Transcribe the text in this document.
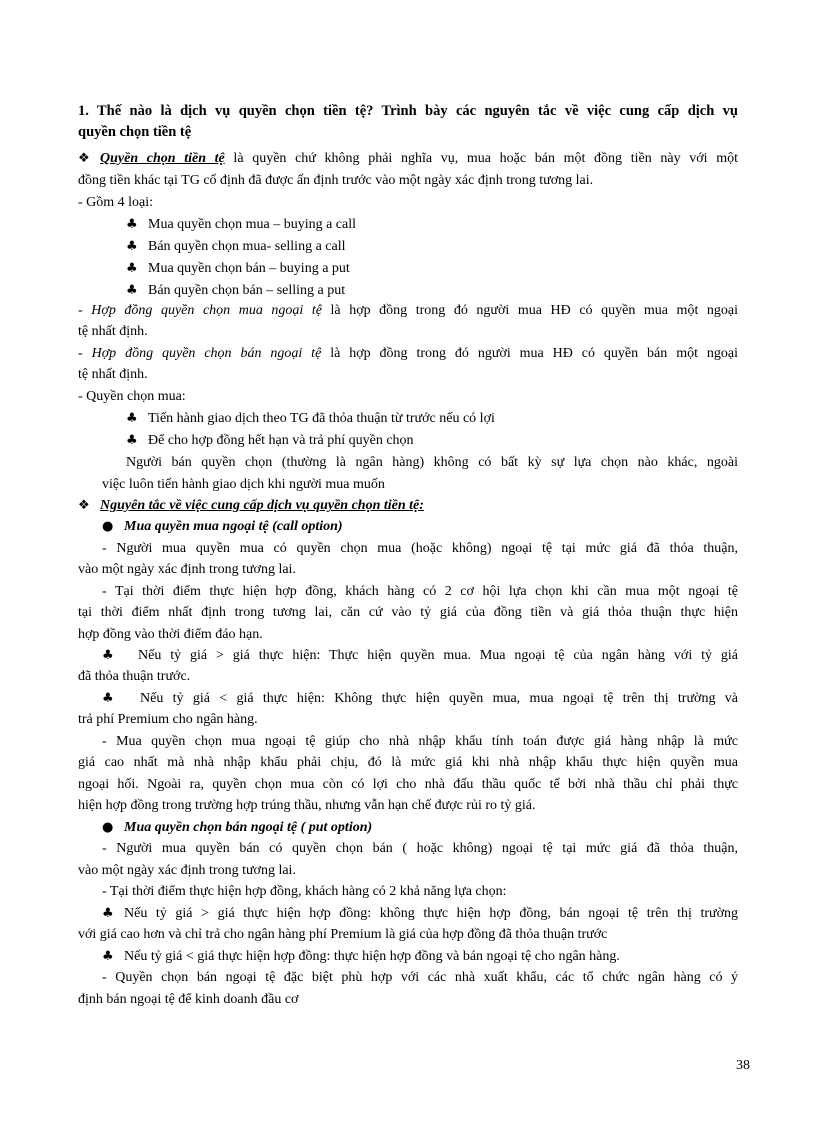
1. Thế nào là dịch vụ quyền chọn tiền tệ? Trình bày các nguyên tắc về việc cung cấp dịch vụ
quyền chọn tiền tệ
❖ Quyền chọn tiền tệ là quyền chứ không phải nghĩa vụ, mua hoặc bán một đồng tiền này với một
đồng tiền khác tại TG cố định đã được ấn định trước vào một ngày xác định trong tương lai.
- Gồm 4 loại:
♣ Mua quyền chọn mua – buying a call
♣ Bán quyền chọn mua- selling a call
♣ Mua quyền chọn bán – buying a put
♣ Bán quyền chọn bán – selling a put
- Hợp đồng quyền chọn mua ngoại tệ là hợp đồng trong đó người mua HĐ có quyền mua một ngoại
tệ nhất định.
- Hợp đồng quyền chọn bán ngoại tệ là hợp đồng trong đó người mua HĐ có quyền bán một ngoại
tệ nhất định.
- Quyền chọn mua:
♣ Tiến hành giao dịch theo TG đã thỏa thuận từ trước nếu có lợi
♣ Để cho hợp đồng hết hạn và trả phí quyền chọn
Người bán quyền chọn (thường là ngân hàng) không có bất kỳ sự lựa chọn nào khác, ngoài
việc luôn tiến hành giao dịch khi người mua muốn
❖ Nguyên tắc về việc cung cấp dịch vụ quyền chọn tiền tệ:
● Mua quyền mua ngoại tệ (call option)
- Người mua quyền mua có quyền chọn mua (hoặc không) ngoại tệ tại mức giá đã thỏa thuận,
vào một ngày xác định trong tương lai.
- Tại thời điểm thực hiện hợp đồng, khách hàng có 2 cơ hội lựa chọn khi cần mua một ngoại tệ
tại thời điểm nhất định trong tương lai, căn cứ vào tỷ giá của đồng tiền và giá thỏa thuận thực hiện
hợp đồng vào thời điểm đáo hạn.
♣ Nếu tỷ giá > giá thực hiện: Thực hiện quyền mua. Mua ngoại tệ của ngân hàng với tỷ giá
đã thỏa thuận trước.
♣ Nếu tỷ giá < giá thực hiện: Không thực hiện quyền mua, mua ngoại tệ trên thị trường và
trả phí Premium cho ngân hàng.
- Mua quyền chọn mua ngoại tệ giúp cho nhà nhập khẩu tính toán được giá hàng nhập là mức
giá cao nhất mà nhà nhập khẩu phải chịu, đó là mức giá khi nhà nhập khẩu thực hiện quyền mua
ngoại hối. Ngoài ra, quyền chọn mua còn có lợi cho nhà đấu thầu quốc tế bởi nhà thầu chỉ phải thực
hiện hợp đồng trong trường hợp trúng thầu, nhưng vẫn hạn chế được rủi ro tỷ giá.
● Mua quyền chọn bán ngoại tệ ( put option)
- Người mua quyền bán có quyền chọn bán ( hoặc không) ngoại tệ tại mức giá đã thỏa thuận,
vào một ngày xác định trong tương lai.
- Tại thời điểm thực hiện hợp đồng, khách hàng có 2 khả năng lựa chọn:
♣ Nếu tỷ giá > giá thực hiện hợp đồng: không thực hiện hợp đồng, bán ngoại tệ trên thị trường
với giá cao hơn và chỉ trả cho ngân hàng phí Premium là giá của hợp đồng đã thỏa thuận trước
♣ Nếu tỷ giá < giá thực hiện hợp đồng: thực hiện hợp đồng và bán ngoại tệ cho ngân hàng.
- Quyền chọn bán ngoại tệ đặc biệt phù hợp với các nhà xuất khẩu, các tổ chức ngân hàng có ý
định bán ngoại tệ để kinh doanh đầu cơ
38
